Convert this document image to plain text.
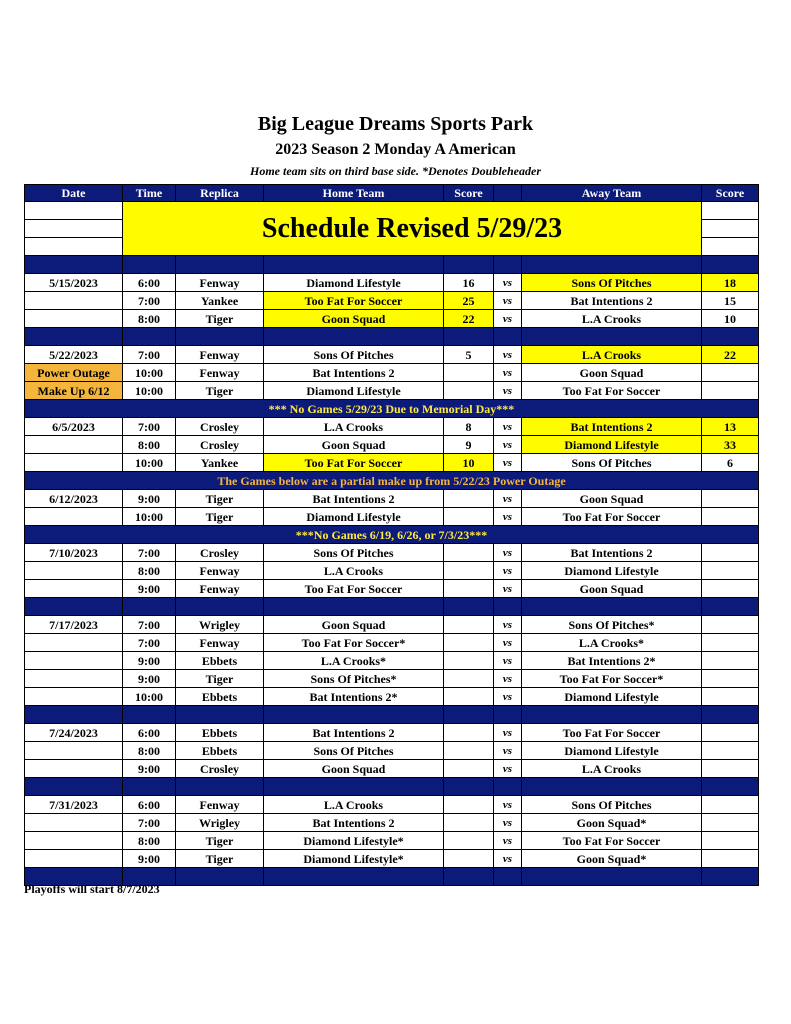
Big League Dreams Sports Park
2023 Season 2 Monday A American
Home team sits on third base side. *Denotes Doubleheader
Date	Time	Replica	Home Team	Score		Away Team	Score
	Schedule Revised 5/29/23						

5/15/2023	6:00	Fenway	Diamond Lifestyle	16	vs	Sons Of Pitches	18
	7:00	Yankee	Too Fat For Soccer	25	vs	Bat Intentions 2	15
	8:00	Tiger	Goon Squad	22	vs	L.A Crooks	10

5/22/2023	7:00	Fenway	Sons Of Pitches	5	vs	L.A Crooks	22
Power Outage	10:00	Fenway	Bat Intentions 2		vs	Goon Squad	
Make Up 6/12	10:00	Tiger	Diamond Lifestyle		vs	Too Fat For Soccer	
*** No Games 5/29/23 Due to Memorial Day***							
6/5/2023	7:00	Crosley	L.A Crooks	8	vs	Bat Intentions 2	13
	8:00	Crosley	Goon Squad	9	vs	Diamond Lifestyle	33
	10:00	Yankee	Too Fat For Soccer	10	vs	Sons Of Pitches	6
The Games below are a partial make up from 5/22/23 Power Outage							
6/12/2023	9:00	Tiger	Bat Intentions 2		vs	Goon Squad	
	10:00	Tiger	Diamond Lifestyle		vs	Too Fat For Soccer	
***No Games 6/19, 6/26, or 7/3/23***							
7/10/2023	7:00	Crosley	Sons Of Pitches		vs	Bat Intentions 2	
	8:00	Fenway	L.A Crooks		vs	Diamond Lifestyle	
	9:00	Fenway	Too Fat For Soccer		vs	Goon Squad	

7/17/2023	7:00	Wrigley	Goon Squad		vs	Sons Of Pitches*	
	7:00	Fenway	Too Fat For Soccer*		vs	L.A Crooks*	
	9:00	Ebbets	L.A Crooks*		vs	Bat Intentions 2*	
	9:00	Tiger	Sons Of Pitches*		vs	Too Fat For Soccer*	
	10:00	Ebbets	Bat Intentions 2*		vs	Diamond Lifestyle	

7/24/2023	6:00	Ebbets	Bat Intentions 2		vs	Too Fat For Soccer	
	8:00	Ebbets	Sons Of Pitches		vs	Diamond Lifestyle	
	9:00	Crosley	Goon Squad		vs	L.A Crooks	

7/31/2023	6:00	Fenway	L.A Crooks		vs	Sons Of Pitches	
	7:00	Wrigley	Bat Intentions 2		vs	Goon Squad*	
	8:00	Tiger	Diamond Lifestyle*		vs	Too Fat For Soccer	
	9:00	Tiger	Diamond Lifestyle*		vs	Goon Squad*	

Playoffs will start 8/7/2023
